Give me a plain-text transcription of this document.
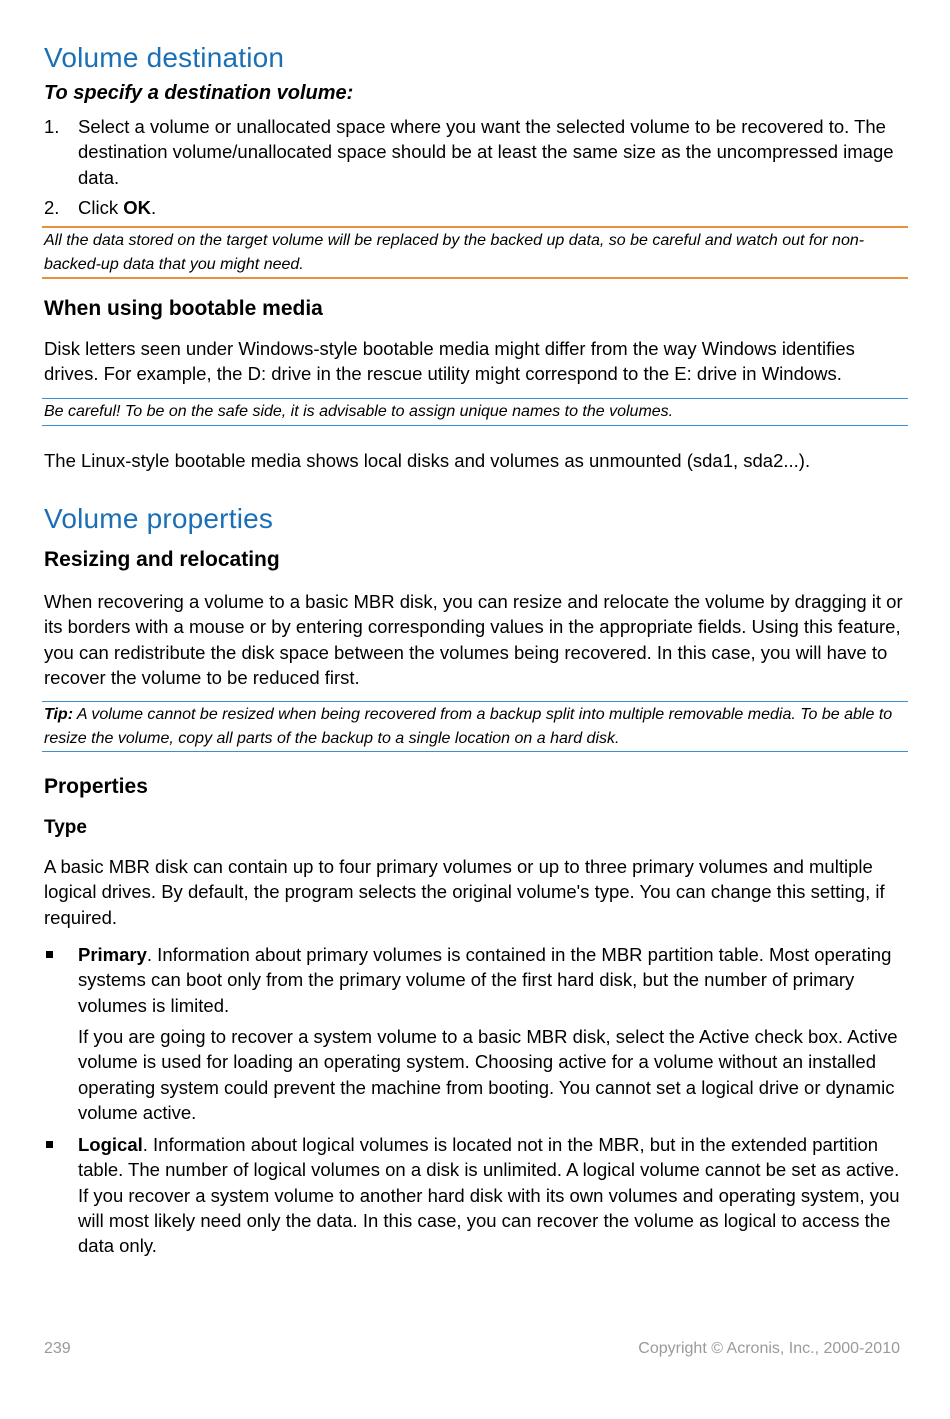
Volume destination
To specify a destination volume:
1. Select a volume or unallocated space where you want the selected volume to be recovered to. The destination volume/unallocated space should be at least the same size as the uncompressed image data.
2. Click OK.
All the data stored on the target volume will be replaced by the backed up data, so be careful and watch out for non-backed-up data that you might need.
When using bootable media
Disk letters seen under Windows-style bootable media might differ from the way Windows identifies drives. For example, the D: drive in the rescue utility might correspond to the E: drive in Windows.
Be careful! To be on the safe side, it is advisable to assign unique names to the volumes.
The Linux-style bootable media shows local disks and volumes as unmounted (sda1, sda2...).
Volume properties
Resizing and relocating
When recovering a volume to a basic MBR disk, you can resize and relocate the volume by dragging it or its borders with a mouse or by entering corresponding values in the appropriate fields. Using this feature, you can redistribute the disk space between the volumes being recovered. In this case, you will have to recover the volume to be reduced first.
Tip: A volume cannot be resized when being recovered from a backup split into multiple removable media. To be able to resize the volume, copy all parts of the backup to a single location on a hard disk.
Properties
Type
A basic MBR disk can contain up to four primary volumes or up to three primary volumes and multiple logical drives. By default, the program selects the original volume's type. You can change this setting, if required.
Primary. Information about primary volumes is contained in the MBR partition table. Most operating systems can boot only from the primary volume of the first hard disk, but the number of primary volumes is limited.
If you are going to recover a system volume to a basic MBR disk, select the Active check box. Active volume is used for loading an operating system. Choosing active for a volume without an installed operating system could prevent the machine from booting. You cannot set a logical drive or dynamic volume active.
Logical. Information about logical volumes is located not in the MBR, but in the extended partition table. The number of logical volumes on a disk is unlimited. A logical volume cannot be set as active. If you recover a system volume to another hard disk with its own volumes and operating system, you will most likely need only the data. In this case, you can recover the volume as logical to access the data only.
239	Copyright © Acronis, Inc., 2000-2010
